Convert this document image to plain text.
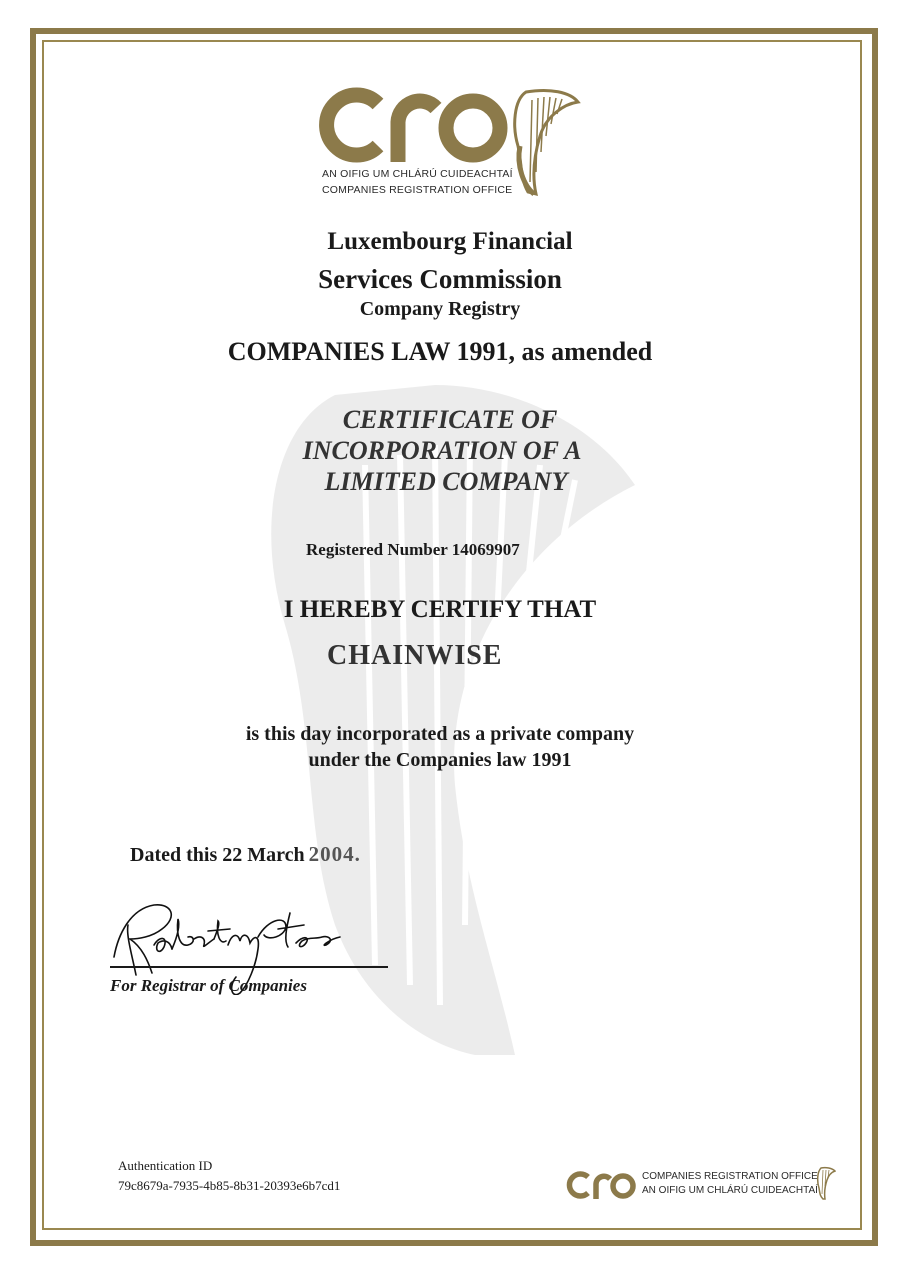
AN OIFIG UM CHLÁRÚ CUIDEACHTAÍ
COMPANIES REGISTRATION OFFICE
Luxembourg Financial
Services Commission
Company Registry
COMPANIES LAW 1991, as amended
CERTIFICATE OF
INCORPORATION OF A
LIMITED COMPANY
Registered Number 14069907
I HEREBY CERTIFY THAT
CHAINWISE
is this day incorporated as a private company
under the Companies law 1991
Dated this 22 March 2004.
For Registrar of Companies
Authentication ID
79c8679a-7935-4b85-8b31-20393e6b7cd1
COMPANIES REGISTRATION OFFICE
AN OIFIG UM CHLÁRÚ CUIDEACHTAÍ
